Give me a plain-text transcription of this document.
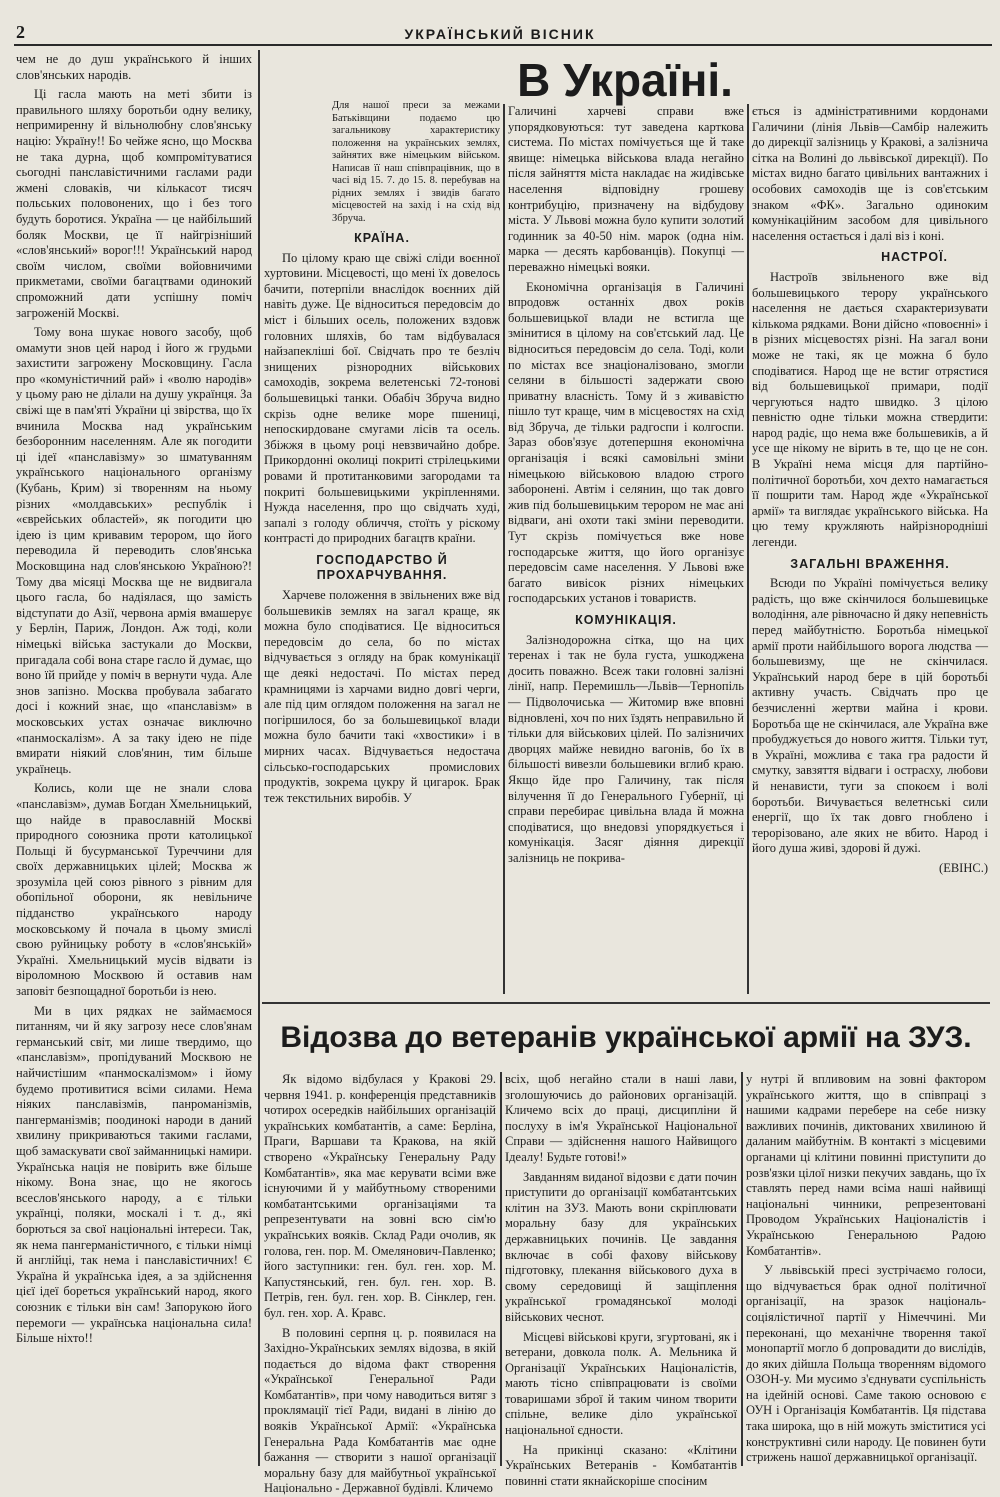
2	УКРАЇНСЬКИЙ ВІСНИК

чем не до душ українського й інших слов'янських народів.

Ці гасла мають на меті збити із правильного шляху боротьби одну велику, непримиренну й вільнолюбну слов'янську націю: Україну!! Бо чейже ясно, що Москва не така дурна, щоб компромітуватися сьогодні панславістичними гаслами ради жмені словаків, чи кількасот тисяч польських половонених, що і без того будуть боротися. Україна — це найбільший боляк Москви, це її найгрізніший «слов'янський» ворог!!! Український народ своїм числом, своїми войовничими прикметами, своїми багацтвами одинокий спроможний дати успішну поміч загроженій Москві.

Тому вона шукає нового засобу, щоб омамути знов цей народ і його ж грудьми захистити загрожену Московщину. Гасла про «комуністичний рай» і «волю народів» у цьому раю не ділали на душу українця. За свіжі ще в пам'яті України ці звірства, що їх вчинила Москва над українським безборонним населенням. Але як погодити ці ідеї «панславізму» зо шматуванням українського національного організму (Кубань, Крим) зі творенням на ньому різних «молдавських» республік і «єврейських областей», як погодити цю ідею із цим кривавим терором, що його переводила й переводить слов'янська Московщина над слов'янською Україною?! Тому два місяці Москва ще не видвигала цього гасла, бо надіялася, що замість відступати до Азії, червона армія вмашерує у Берлін, Париж, Лондон. Аж тоді, коли німецькі війська застукали до Москви, пригадала собі вона старе гасло й думає, що воно їй прийде у поміч в вернути чуда. Але знов запізно. Москва пробувала забагато досі і кожний знає, що «панславізм» в московських устах означає виключно «панмоскалізм». А за таку ідею не піде вмирати ніякий слов'янин, тим більше українець.

Колись, коли ще не знали слова «панславізм», думав Богдан Хмельницький, що найде в православній Москві природного союзника проти католицької Польщі й бусурманської Туреччини для своїх державницьких цілей; Москва ж зрозуміла цей союз рівного з рівним для обопільної оборони, як невільниче підданство українського народу московському й почала в цьому змислі свою руйницьку роботу в «слов'янській» Україні. Хмельницький мусів відвати із віроломною Москвою й оставив нам заповіт безпощадної боротьби із нею.

Ми в цих рядках не займаємося питанням, чи й яку загрозу несе слов'янам германський світ, ми лише твердимо, що «панславізм», пропідуваний Москвою не найчистішим «панмоскалізмом» і йому будемо противитися всіми силами. Нема ніяких панславізмів, панроманізмів, пангерманізмів; поодинокі народи в даний хвилину прикриваються такими гаслами, щоб замаскувати свої займанницькі намири. Українська нація не повірить вже більше нікому. Вона знає, що не якогось всеслов'янського народу, а є тільки українці, поляки, москалі і т. д., які борються за свої національні інтереси. Так, як нема пангерманістичного, є тільки німці й англійці, так нема і панславістичних! Є Україна й українська ідея, а за здійснення цієї ідеї бореться український народ, якого союзник є тільки він сам! Запорукою його перемоги — українська національна сила! Більше ніхто!!

В Україні.
Для нашої преси за межами Батьківщини подаємо цю загальникову характеристику положення на українських землях, зайнятих вже німецьким військом. Написав її наш співпрацівник, що в часі від 15. 7. до 15. 8. перебував на рідних землях і звидів багато місцевостей на захід і на схід від Збруча.
КРАЇНА.

По цілому краю ще свіжі сліди воєнної хуртовини. Місцевості, що мені їх довелось бачити, потерпіли внаслідок воєнних дій навіть дуже. Це відноситься передовсім до міст і більших осель, положених вздовж головних шляхів, бо там відбувалася найзапекліші бої. Свідчать про те безліч знищених різнородних військових самоходів, зокрема велетенські 72-тонові большевицькі танки. Обабіч Збруча видно скрізь одне велике море пшениці, непоскирдоване смугами лісів та осель. Збіжжя в цьому році невзвичайно добре. Прикордонні околиці покриті стрілецькими ровами й протитанковими загородами та покриті большевицькими укріпленнями. Нужда населення, про що свідчать худі, запалі з голоду обличчя, стоїть у ріскому контрасті до природних багацтв країни.

ГОСПОДАРСТВО Й ПРОХАРЧУВАННЯ.

Харчеве положення в звільнених вже від большевиків землях на загал краще, як можна було сподіватися. Це відноситься передовсім до села, бо по містах відчувається з огляду на брак комунікації ще деякі недостачі. По містах перед крамницями із харчами видно довгі черги, але під цим оглядом положення на загал не погіршилося, бо за большевицької влади можна було бачити такі «хвостики» і в мирних часах. Відчувається недостача сільсько-господарських промислових продуктів, зокрема цукру й цигарок. Брак теж текстильних виробів. У

Галичині харчеві справи вже упорядковуються: тут заведена карткова система. По містах помічується ще й таке явище: німецька військова влада негайно після зайняття міста накладає на жидівське населення відповідну грошеву контрибуцію, призначену на відбудову міста. У Львові можна було купити золотий годинник за 40-50 нім. марок (одна нім. марка — десять карбованців). Покупці — переважно німецькі вояки.

Економічна організація в Галичині впродовж останніх двох років большевицької влади не встигла ще змінитися в цілому на сов'єтський лад. Це відноситься передовсім до села. Тоді, коли по містах все знаціоналізовано, змогли селяни в більшості задержати свою приватну власність. Тому й з живавістю пішло тут краще, чим в місцевостях на схід від Збруча, де тільки радгоспи і колгоспи. Зараз обов'язує дотепершня економічна організація і всякі самовільні зміни німецькою військовою владою строго заборонені. Автім і селянин, що так довго жив під большевицьким терором не має ані відваги, ані охоти такі зміни переводити. Тут скрізь помічується вже нове господарське життя, що його організує передовсім саме населення. У Львові вже багато вивісок різних німецьких господарських установ і товариств.

КОМУНІКАЦІЯ.

Залізнодорожна сітка, що на цих теренах і так не була густа, ушкоджена досить поважно. Всеж таки головні залізні лінії, напр. Перемишль—Львів—Тернопіль— Підволочиська — Житомир вже вповні відновлені, хоч по них їздять неправильно й тільки для військових цілей. По залізничих дворцях майже невидно вагонів, бо їх в більшості вивезли большевики вглиб краю. Якщо йде про Галичину, так після вілучення її до Генерального Губернії, ці справи перебирає цивільна влада й можна сподіватися, що внедовзі упорядкується і комунікація. Засяг діяння дирекції залізниць не покрива-

ється із адміністративними кордонами Галичини (лінія Львів—Самбір належить до дирекції залізниць у Кракові, а залізнича сітка на Волині до львівської дирекції). По містах видно багато цивільних вантажних і особових самоходів ще із сов'єтським знаком «ФК». Загально одиноким комунікаційним засобом для цивільного населення остається і далі віз і коні.

НАСТРОЇ.

Настроїв звільненого вже від большевицького терору українського населення не дається схарактеризувати кількома рядками. Вони дійсно «повоєнні» і в різних місцевостях різні. На загал вони може не такі, як це можна б було сподіватися. Народ ще не встиг отрястися від большевицької примари, події чергуються надто швидко. З цілою певністю одне тільки можна ствердити: народ радіє, що нема вже большевиків, а й усе ще нікому не вірить в те, що це не сон. В Україні нема місця для партійно-політичної боротьби, хоч дехто намагається її пошрити там. Народ жде «Української армії» та виглядає українського війська. На цю тему кружляють найрізнородніші легенди.

ЗАГАЛЬНІ ВРАЖЕННЯ.

Всюди по Україні помічується велику радість, що вже скінчилося большевицьке володіння, але рівночасно й дяку непевність перед майбутністю. Боротьба німецької армії проти найбільшого ворога людства — большевизму, ще не скінчилася. Український народ бере в цій боротьбі активну участь. Свідчать про це безчисленні жертви майна і крови. Боротьба ще не скінчилася, але Україна вже пробуджується до нового життя. Тільки тут, в Україні, можлива є така гра радости й смутку, завзяття відваги і острасху, любови й ненависти, туги за спокоєм і волі боротьби. Вичувається велетнські сили енергії, що їх так довго гноблено і терорізовано, але яких не вбито. Народ і його душа живі, здорові й дужі.

(ЕВІНС.)
Відозва до ветеранів української армії на ЗУЗ.

Як відомо відбулася у Кракові 29. червня 1941. р. конференція представників чотирох осередків найбільших організацій українських комбатантів, а саме: Берліна, Праги, Варшави та Кракова, на якій створено «Українську Генеральну Раду Комбатантів», яка має керувати всіми вже існуючими й у майбутньому створеними комбатантськими організаціями та репрезентувати на зовні всю сім'ю українських вояків. Склад Ради очолив, як голова, ген. пор. М. Омелянович-Павленко; його заступники: ген. бул. ген. хор. М. Капустянський, ген. бул. ген. хор. В. Петрів, ген. бул. ген. хор. В. Сінклер, ген. бул. ген. хор. А. Кравс.

В половині серпня ц. р. появилася на Західно-Українських землях відозва, в якій подається до відома факт створення «Української Генеральної Ради Комбатантів», при чому наводиться витяг з проклямації тієї Ради, видані в лінію до вояків Української Армії: «Українська Генеральна Рада Комбатантів має одне бажання — створити з нашої організації моральну базу для майбутньої української Національно - Державної будівлі. Кличемо

всіх, щоб негайно стали в наші лави, зголошуючись до районових організацій. Кличемо всіх до праці, дисципліни й послуху в ім'я Української Національної Справи — здійснення нашого Найвищого Ідеалу! Будьте готові!»

Завданням виданої відозви є дати почин приступити до організації комбатантських клітин на ЗУЗ. Мають вони скріплювати моральну базу для українських державницьких починів. Це завдання включає в собі фахову військову підготовку, плекання військового духа в свому середовищі й защіплення української громадянської молоді військових чеснот.

Місцеві військові круги, згуртовані, як і ветерани, довкола полк. А. Мельника й Організації Українських Націоналістів, мають тісно співпрацювати із своїми товаришами зброї й таким чином творити спільне, велике діло української національної єдности.

На прикінці сказано: «Клітини Українських Ветеранів - Комбатантів повинні стати якнайскоріше спосіним

у нутрі й впливовим на зовні фактором українського життя, що в співпраці з нашими кадрами перебере на себе низку важливих починів, диктованих хвилиною й даланим майбутнім. В контакті з місцевими органами ці клітини повинні приступити до розв'язки цілої низки пекучих завдань, що їх ставлять перед нами всіма наші найвищі національні чинники, репрезентовані Проводом Українських Націоналістів і Українською Генеральною Радою Комбатантів».

У львівській пресі зустрічаємо голоси, що відчувається брак одної політичної організації, на зразок національ-соціялістичної партії у Німеччині. Ми переконані, що механічне творення такої монопартії могло б допровадити до вислідів, до яких дійшла Польща творенням відомого ОЗОН-у. Ми мусимо з'єднувати суспільність на ідейній основі. Саме такою основою є ОУН і Організація Комбатантів. Ця підстава така широка, що в ній можуть зміститися усі конструктивні сили народу. Це повинен бути стрижень нашої державницької організації.
